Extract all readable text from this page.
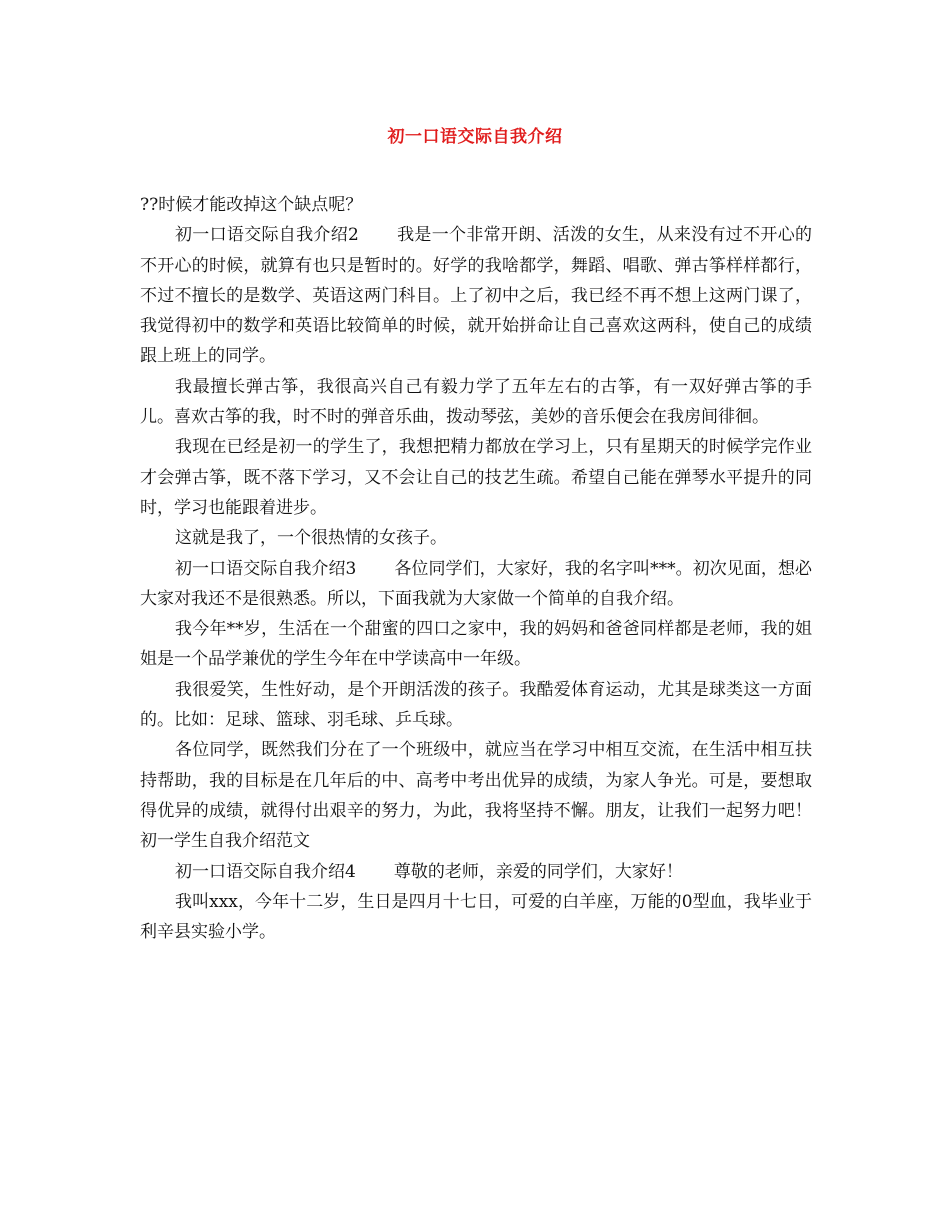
初一口语交际自我介绍

??时候才能改掉这个缺点呢？

初一口语交际自我介绍2 我是一个非常开朗、活泼的女生，从来没有过不开心的不开心的时候，就算有也只是暂时的。好学的我啥都学，舞蹈、唱歌、弹古筝样样都行，不过不擅长的是数学、英语这两门科目。上了初中之后，我已经不再不想上这两门课了，我觉得初中的数学和英语比较简单的时候，就开始拼命让自己喜欢这两科，使自己的成绩跟上班上的同学。

我最擅长弹古筝，我很高兴自己有毅力学了五年左右的古筝，有一双好弹古筝的手儿。喜欢古筝的我，时不时的弹音乐曲，拨动琴弦，美妙的音乐便会在我房间徘徊。

我现在已经是初一的学生了，我想把精力都放在学习上，只有星期天的时候学完作业才会弹古筝，既不落下学习，又不会让自己的技艺生疏。希望自己能在弹琴水平提升的同时，学习也能跟着进步。

这就是我了，一个很热情的女孩子。

初一口语交际自我介绍3 各位同学们，大家好，我的名字叫***。初次见面，想必大家对我还不是很熟悉。所以，下面我就为大家做一个简单的自我介绍。

我今年**岁，生活在一个甜蜜的四口之家中，我的妈妈和爸爸同样都是老师，我的姐姐是一个品学兼优的学生今年在中学读高中一年级。

我很爱笑，生性好动，是个开朗活泼的孩子。我酷爱体育运动，尤其是球类这一方面的。比如：足球、篮球、羽毛球、乒乓球。

各位同学，既然我们分在了一个班级中，就应当在学习中相互交流，在生活中相互扶持帮助，我的目标是在几年后的中、高考中考出优异的成绩，为家人争光。可是，要想取得优异的成绩，就得付出艰辛的努力，为此，我将坚持不懈。朋友，让我们一起努力吧！ 初一学生自我介绍范文

初一口语交际自我介绍4 尊敬的老师，亲爱的同学们，大家好！

我叫xxx，今年十二岁，生日是四月十七日，可爱的白羊座，万能的0型血，我毕业于利辛县实验小学。
